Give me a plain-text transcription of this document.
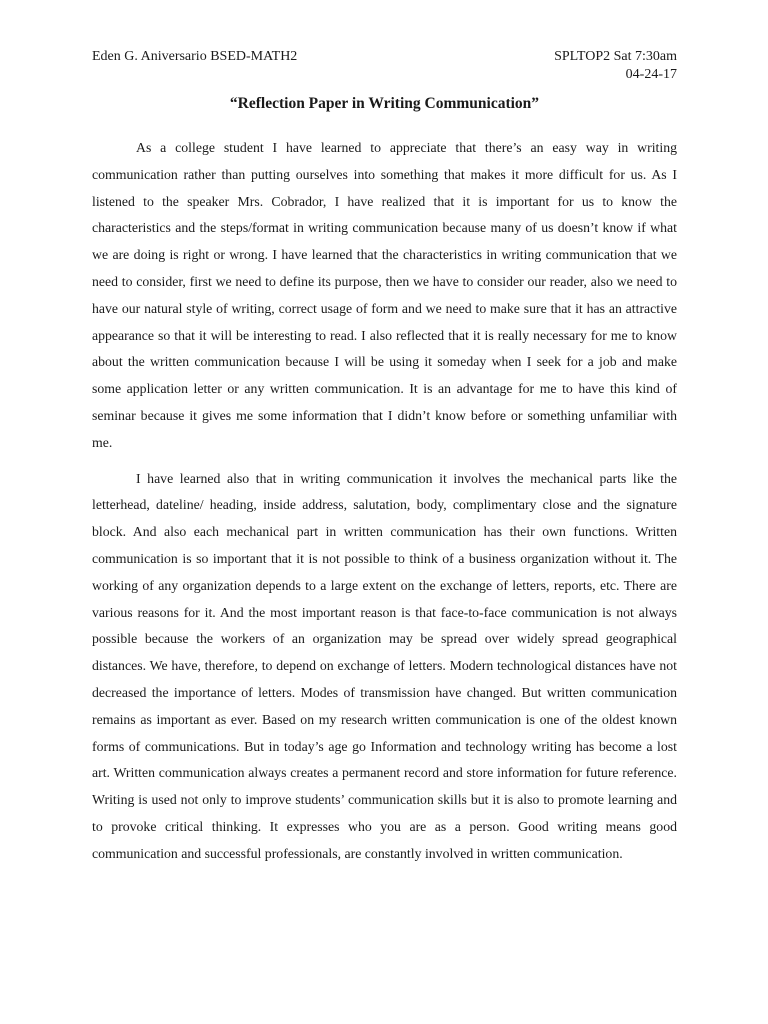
Eden G. Aniversario BSED-MATH2	SPLTOP2 Sat 7:30am
04-24-17
“Reflection Paper in Writing Communication”

As a college student I have learned to appreciate that there’s an easy way in writing communication rather than putting ourselves into something that makes it more difficult for us. As I listened to the speaker Mrs. Cobrador, I have realized that it is important for us to know the characteristics and the steps/format in writing communication because many of us doesn’t know if what we are doing is right or wrong. I have learned that the characteristics in writing communication that we need to consider, first we need to define its purpose, then we have to consider our reader, also we need to have our natural style of writing, correct usage of form and we need to make sure that it has an attractive appearance so that it will be interesting to read. I also reflected that it is really necessary for me to know about the written communication because I will be using it someday when I seek for a job and make some application letter or any written communication. It is an advantage for me to have this kind of seminar because it gives me some information that I didn’t know before or something unfamiliar with me.

I have learned also that in writing communication it involves the mechanical parts like the letterhead, dateline/ heading, inside address, salutation, body, complimentary close and the signature block. And also each mechanical part in written communication has their own functions. Written communication is so important that it is not possible to think of a business organization without it. The working of any organization depends to a large extent on the exchange of letters, reports, etc. There are various reasons for it. And the most important reason is that face-to-face communication is not always possible because the workers of an organization may be spread over widely spread geographical distances. We have, therefore, to depend on exchange of letters. Modern technological distances have not decreased the importance of letters. Modes of transmission have changed. But written communication remains as important as ever. Based on my research written communication is one of the oldest known forms of communications. But in today’s age go Information and technology writing has become a lost art. Written communication always creates a permanent record and store information for future reference. Writing is used not only to improve students’ communication skills but it is also to promote learning and to provoke critical thinking. It expresses who you are as a person. Good writing means good communication and successful professionals, are constantly involved in written communication.
